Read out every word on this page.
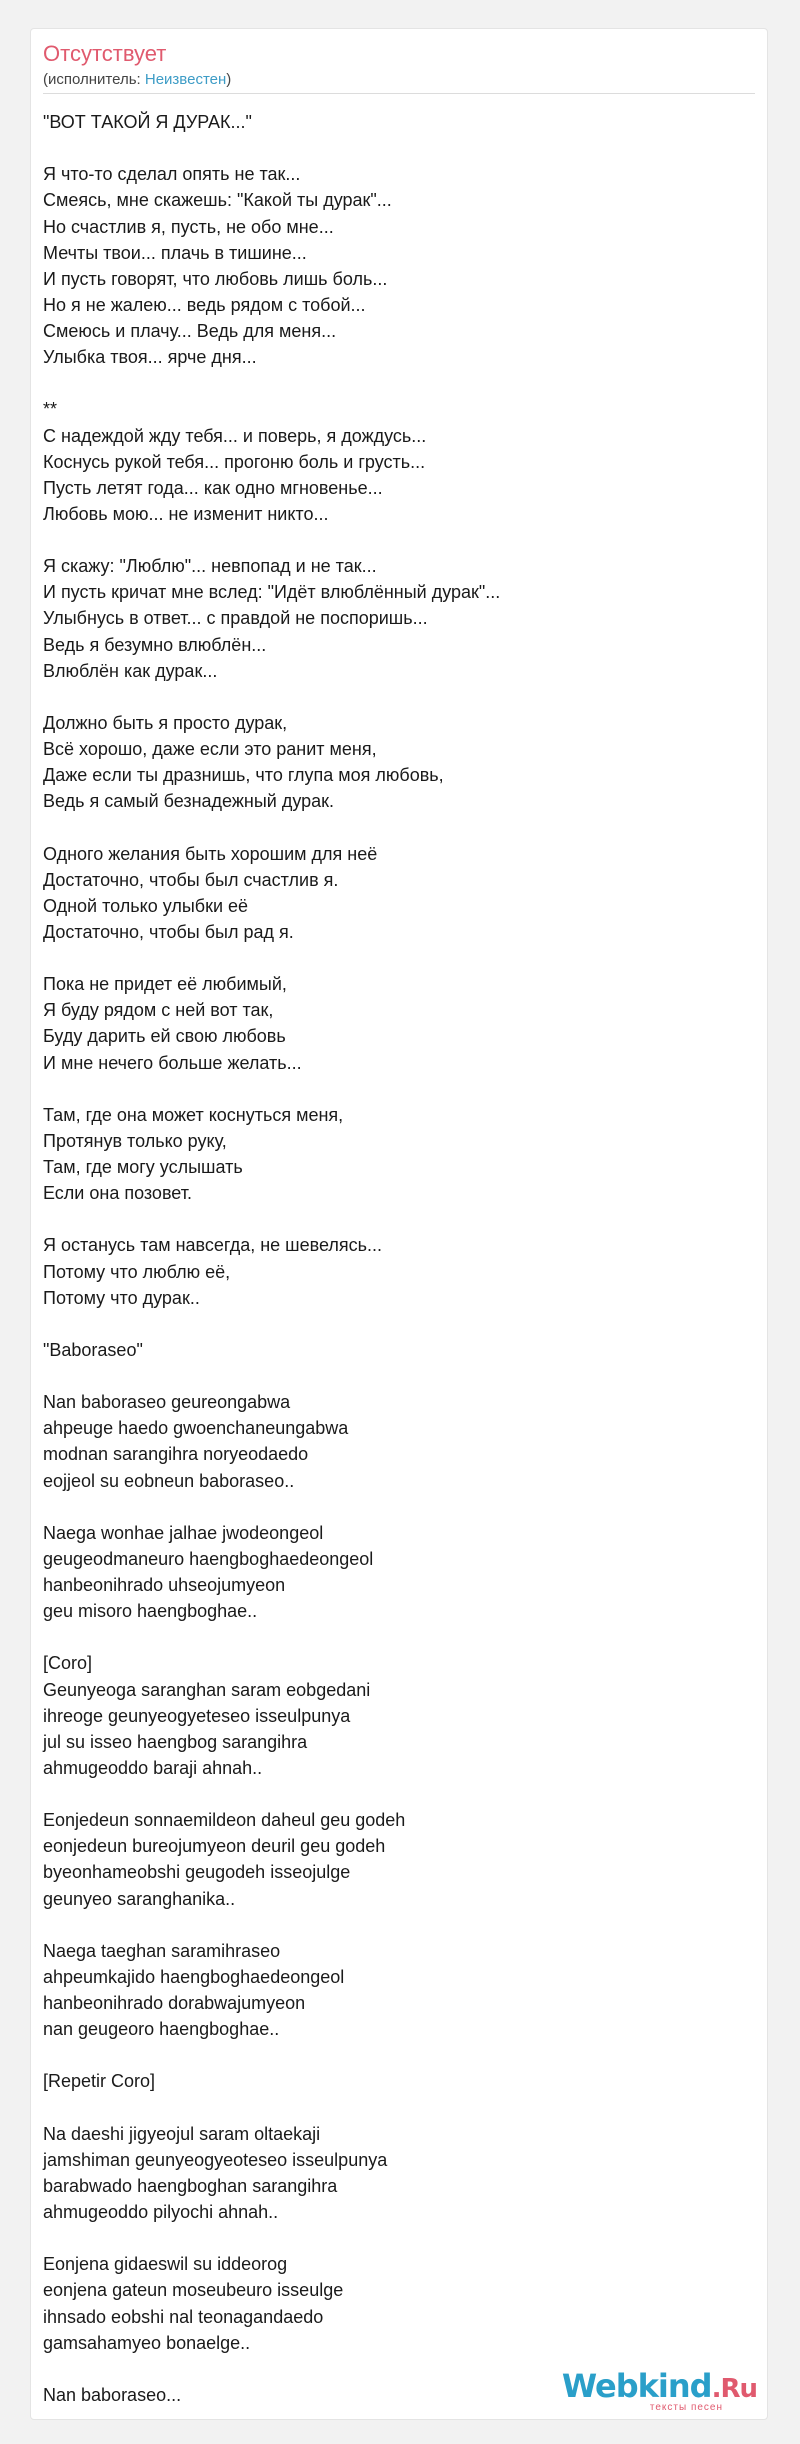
Отсутствует
(исполнитель: Неизвестен)
"ВОТ ТАКОЙ Я ДУРАК..."
Я что-то сделал опять не так...
Смеясь, мне скажешь: "Какой ты дурак"...
Но счастлив я, пусть, не обо мне...
Мечты твои... плачь в тишине...
И пусть говорят, что любовь лишь боль...
Но я не жалею... ведь рядом с тобой...
Смеюсь и плачу... Ведь для меня...
Улыбка твоя... ярче дня...
**
С надеждой жду тебя... и поверь, я дождусь...
Коснусь рукой тебя... прогоню боль и грусть...
Пусть летят года... как одно мгновенье...
Любовь мою... не изменит никто...
Я скажу: "Люблю"... невпопад и не так...
И пусть кричат мне вслед: "Идёт влюблённый дурак"...
Улыбнусь в ответ... с правдой не поспоришь...
Ведь я безумно влюблён...
Влюблён как дурак...
Должно быть я просто дурак,
Всё хорошо, даже если это ранит меня,
Даже если ты дразнишь, что глупа моя любовь,
Ведь я самый безнадежный дурак.
Одного желания быть хорошим для неё
Достаточно, чтобы был счастлив я.
Одной только улыбки её
Достаточно, чтобы был рад я.
Пока не придет её любимый,
Я буду рядом с ней вот так,
Буду дарить ей свою любовь
И мне нечего больше желать...
Там, где она может коснуться меня,
Протянув только руку,
Там, где могу услышать
Если она позовет.
Я останусь там навсегда, не шевелясь...
Потому что люблю её,
Потому что дурак..
"Baboraseo"
Nan baboraseo geureongabwa
ahpeuge haedo gwoenchaneungabwa
modnan sarangihra noryeodaedo
eojjeol su eobneun baboraseo..
Naega wonhae jalhae jwodeongeol
geugeodmaneuro haengboghaedeongeol
hanbeonihrado uhseojumyeon
geu misoro haengboghae..
[Coro]
Geunyeoga saranghan saram eobgedani
ihreoge geunyeogyeteseo isseulpunya
jul su isseo haengbog sarangihra
ahmugeoddo baraji ahnah..
Eonjedeun sonnaemildeon daheul geu godeh
eonjedeun bureojumyeon deuril geu godeh
byeonhameobshi geugodeh isseojulge
geunyeo saranghanika..
Naega taeghan saramihraseo
ahpeumkajido haengboghaedeongeol
hanbeonihrado dorabwajumyeon
nan geugeoro haengboghae..
[Repetir Coro]
Na daeshi jigyeojul saram oltaekaji
jamshiman geunyeogyeoteseo isseulpunya
barabwado haengboghan sarangihra
ahmugeoddo pilyochi ahnah..
Eonjena gidaeswil su iddeorog
eonjena gateun moseubeuro isseulge
ihnsado eobshi nal teonagandaedo
gamsahamyeo bonaelge..
Nan baboraseo...	Webkind.Ru
тексты песен
